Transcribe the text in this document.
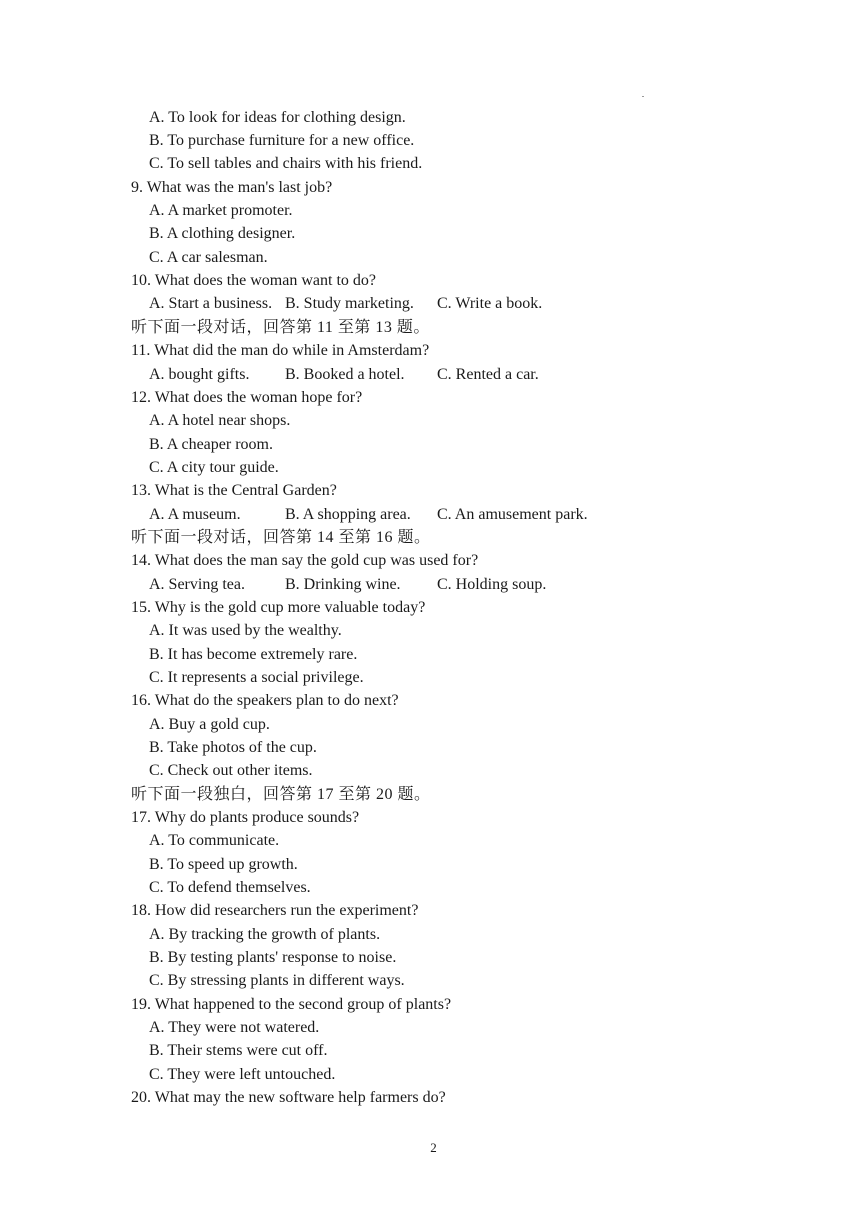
A. To look for ideas for clothing design.
B. To purchase furniture for a new office.
C. To sell tables and chairs with his friend.
9. What was the man's last job?
A. A market promoter.
B. A clothing designer.
C. A car salesman.
10. What does the woman want to do?
A. Start a business. B. Study marketing. C. Write a book.
听下面一段对话，回答第 11 至第 13 题。
11. What did the man do while in Amsterdam?
A. bought gifts. B. Booked a hotel. C. Rented a car.
12. What does the woman hope for?
A. A hotel near shops.
B. A cheaper room.
C. A city tour guide.
13. What is the Central Garden?
A. A museum.	B. A shopping area. C. An amusement park.
听下面一段对话，回答第 14 至第 16 题。
14. What does the man say the gold cup was used for?
A. Serving tea.	B. Drinking wine. C. Holding soup.
15. Why is the gold cup more valuable today?
A. It was used by the wealthy.
B. It has become extremely rare.
C. It represents a social privilege.
16. What do the speakers plan to do next?
A. Buy a gold cup.
B. Take photos of the cup.
C. Check out other items.
听下面一段独白，回答第 17 至第 20 题。
17. Why do plants produce sounds?
A. To communicate.
B. To speed up growth.
C. To defend themselves.
18. How did researchers run the experiment?
A. By tracking the growth of plants.
B. By testing plants' response to noise.
C. By stressing plants in different ways.
19. What happened to the second group of plants?
A. They were not watered.
B. Their stems were cut off.
C. They were left untouched.
20. What may the new software help farmers do?
2
